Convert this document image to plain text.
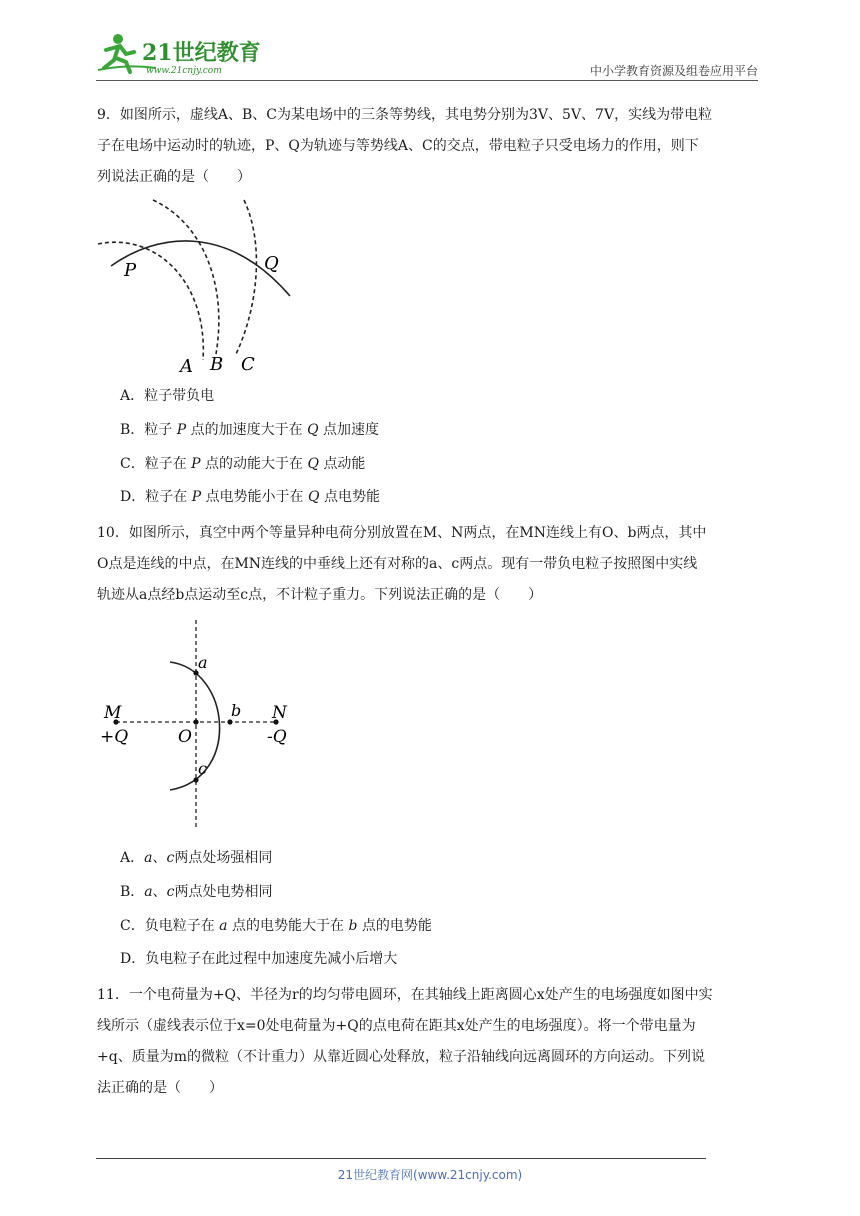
21世纪教育
www.21cnjy.com	中小学教育资源及组卷应用平台
9．如图所示，虚线A、B、C为某电场中的三条等势线，其电势分别为3V、5V、7V，实线为带电粒
子在电场中运动时的轨迹，P、Q为轨迹与等势线A、C的交点，带电粒子只受电场力的作用，则下
列说法正确的是（　　）
P	Q
A B C
A．粒子带负电
B．粒子 P 点的加速度大于在 Q 点加速度
C．粒子在 P 点的动能大于在 Q 点动能
D．粒子在 P 点电势能小于在 Q 点电势能
10．如图所示，真空中两个等量异种电荷分别放置在M、N两点，在MN连线上有O、b两点，其中
O点是连线的中点，在MN连线的中垂线上还有对称的a、c两点。现有一带负电粒子按照图中实线
轨迹从a点经b点运动至c点，不计粒子重力。下列说法正确的是（　　）
M
+Q	O
a
b
c
N
-Q
A．a、c两点处场强相同
B．a、c两点处电势相同
C．负电粒子在 a 点的电势能大于在 b 点的电势能
D．负电粒子在此过程中加速度先减小后增大
11．一个电荷量为+Q、半径为r的均匀带电圆环，在其轴线上距离圆心x处产生的电场强度如图中实
线所示（虚线表示位于x=0处电荷量为+Q的点电荷在距其x处产生的电场强度）。将一个带电量为
+q、质量为m的微粒（不计重力）从靠近圆心处释放，粒子沿轴线向远离圆环的方向运动。下列说
法正确的是（　　）
21世纪教育网(www.21cnjy.com)
